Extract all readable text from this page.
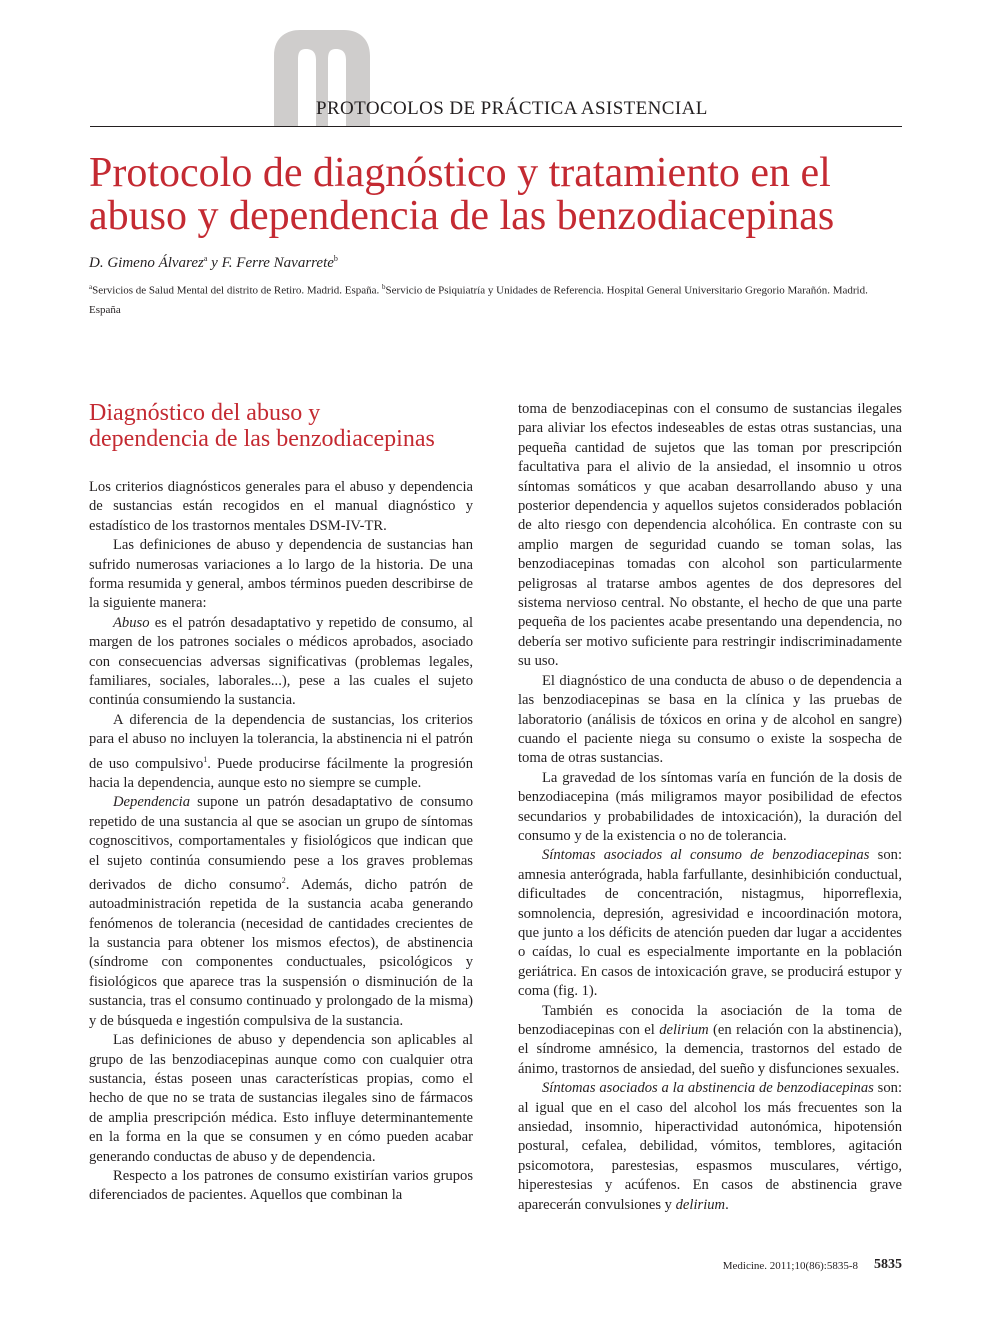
PROTOCOLOS DE PRÁCTICA ASISTENCIAL
Protocolo de diagnóstico y tratamiento en el
abuso y dependencia de las benzodiacepinas
D. Gimeno Álvarez$^a$ y F. Ferre Navarrete$^b$
$^a$Servicios de Salud Mental del distrito de Retiro. Madrid. España. $^b$Servicio de Psiquiatría y Unidades de Referencia. Hospital General Universitario Gregorio Marañón. Madrid. España
Diagnóstico del abuso y
dependencia de las benzodiacepinas

Los criterios diagnósticos generales para el abuso y dependencia de sustancias están recogidos en el manual diagnóstico y estadístico de los trastornos mentales DSM-IV-TR.

Las definiciones de abuso y dependencia de sustancias han sufrido numerosas variaciones a lo largo de la historia. De una forma resumida y general, ambos términos pueden describirse de la siguiente manera:

Abuso es el patrón desadaptativo y repetido de consumo, al margen de los patrones sociales o médicos aprobados, asociado con consecuencias adversas significativas (problemas legales, familiares, sociales, laborales...), pese a las cuales el sujeto continúa consumiendo la sustancia.

A diferencia de la dependencia de sustancias, los criterios para el abuso no incluyen la tolerancia, la abstinencia ni el patrón de uso compulsivo$^1$. Puede producirse fácilmente la progresión hacia la dependencia, aunque esto no siempre se cumple.

Dependencia supone un patrón desadaptativo de consumo repetido de una sustancia al que se asocian un grupo de síntomas cognoscitivos, comportamentales y fisiológicos que indican que el sujeto continúa consumiendo pese a los graves problemas derivados de dicho consumo$^2$. Además, dicho patrón de autoadministración repetida de la sustancia acaba generando fenómenos de tolerancia (necesidad de cantidades crecientes de la sustancia para obtener los mismos efectos), de abstinencia (síndrome con componentes conductuales, psicológicos y fisiológicos que aparece tras la suspensión o disminución de la sustancia, tras el consumo continuado y prolongado de la misma) y de búsqueda e ingestión compulsiva de la sustancia.

Las definiciones de abuso y dependencia son aplicables al grupo de las benzodiacepinas aunque como con cualquier otra sustancia, éstas poseen unas características propias, como el hecho de que no se trata de sustancias ilegales sino de fármacos de amplia prescripción médica. Esto influye determinantemente en la forma en la que se consumen y en cómo pueden acabar generando conductas de abuso y de dependencia.

Respecto a los patrones de consumo existirían varios grupos diferenciados de pacientes. Aquellos que combinan la

toma de benzodiacepinas con el consumo de sustancias ilegales para aliviar los efectos indeseables de estas otras sustancias, una pequeña cantidad de sujetos que las toman por prescripción facultativa para el alivio de la ansiedad, el insomnio u otros síntomas somáticos y que acaban desarrollando abuso y una posterior dependencia y aquellos sujetos considerados población de alto riesgo con dependencia alcohólica. En contraste con su amplio margen de seguridad cuando se toman solas, las benzodiacepinas tomadas con alcohol son particularmente peligrosas al tratarse ambos agentes de dos depresores del sistema nervioso central. No obstante, el hecho de que una parte pequeña de los pacientes acabe presentando una dependencia, no debería ser motivo suficiente para restringir indiscriminadamente su uso.

El diagnóstico de una conducta de abuso o de dependencia a las benzodiacepinas se basa en la clínica y las pruebas de laboratorio (análisis de tóxicos en orina y de alcohol en sangre) cuando el paciente niega su consumo o existe la sospecha de toma de otras sustancias.

La gravedad de los síntomas varía en función de la dosis de benzodiacepina (más miligramos mayor posibilidad de efectos secundarios y probabilidades de intoxicación), la duración del consumo y de la existencia o no de tolerancia.

Síntomas asociados al consumo de benzodiacepinas son: amnesia anterógrada, habla farfullante, desinhibición conductual, dificultades de concentración, nistagmus, hiporreflexia, somnolencia, depresión, agresividad e incoordinación motora, que junto a los déficits de atención pueden dar lugar a accidentes o caídas, lo cual es especialmente importante en la población geriátrica. En casos de intoxicación grave, se producirá estupor y coma (fig. 1).

También es conocida la asociación de la toma de benzodiacepinas con el delirium (en relación con la abstinencia), el síndrome amnésico, la demencia, trastornos del estado de ánimo, trastornos de ansiedad, del sueño y disfunciones sexuales.

Síntomas asociados a la abstinencia de benzodiacepinas son: al igual que en el caso del alcohol los más frecuentes son la ansiedad, insomnio, hiperactividad autonómica, hipotensión postural, cefalea, debilidad, vómitos, temblores, agitación psicomotora, parestesias, espasmos musculares, vértigo, hiperestesias y acúfenos. En casos de abstinencia grave aparecerán convulsiones y delirium.

Medicine. 2011;10(86):5835-8 5835
